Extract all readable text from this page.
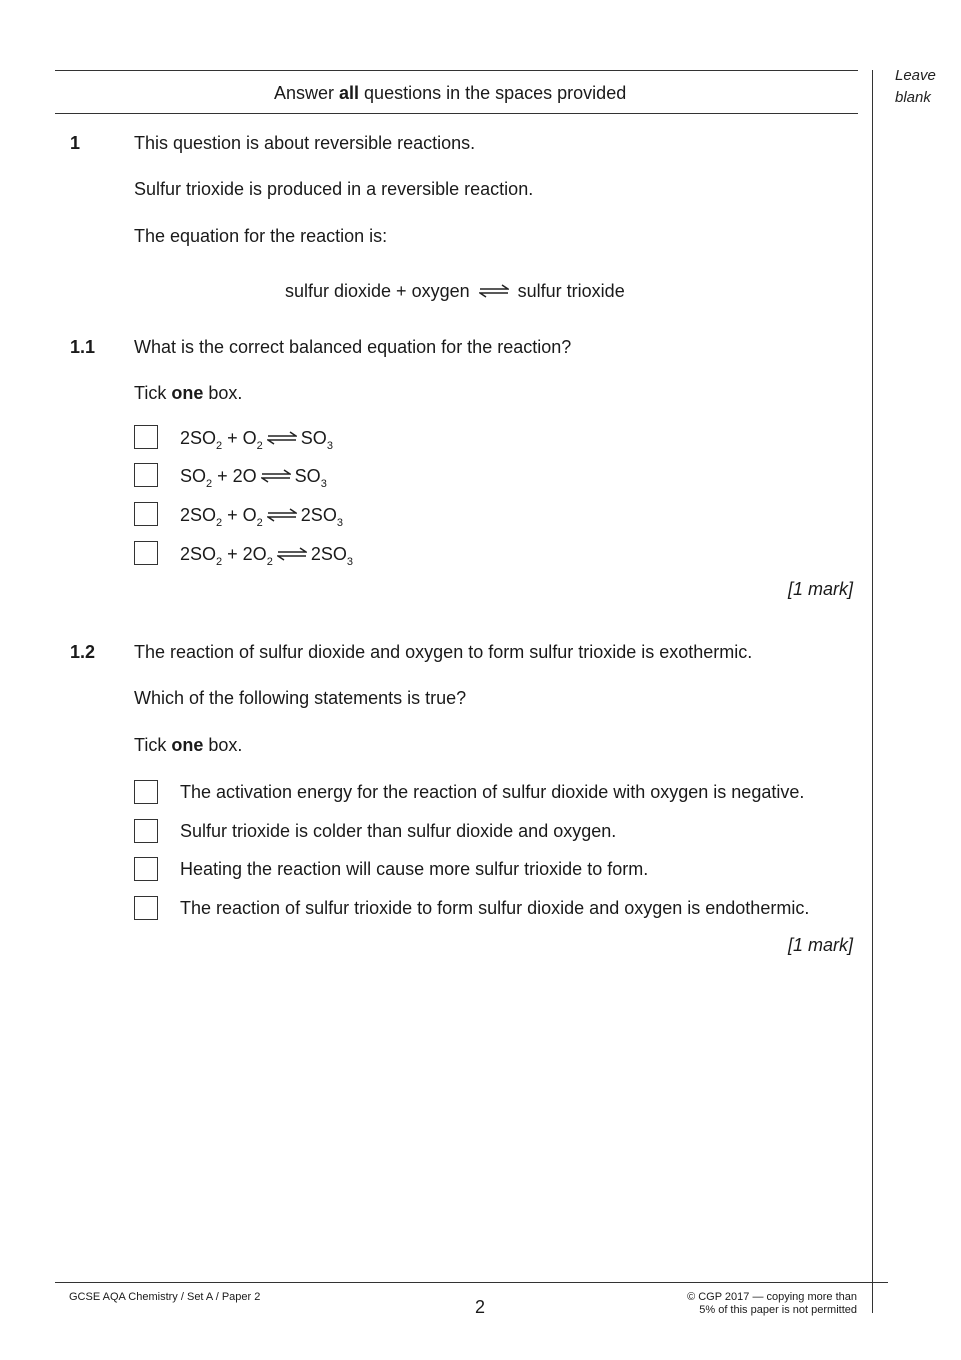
Answer all questions in the spaces provided
Leave
blank
1	This question is about reversible reactions.
Sulfur trioxide is produced in a reversible reaction.
The equation for the reaction is:
sulfur dioxide + oxygen ⇌ sulfur trioxide
1.1 What is the correct balanced equation for the reaction?
Tick one box.
$2SO_2 + O_2$ ⇌ $SO_3$
$SO_2 + 2O$ ⇌ $SO_3$
$2SO_2 + O_2$ ⇌ $2SO_3$
$2SO_2 + 2O_2$ ⇌ $2SO_3$
[1 mark]
1.2 The reaction of sulfur dioxide and oxygen to form sulfur trioxide is exothermic.
Which of the following statements is true?
Tick one box.
The activation energy for the reaction of sulfur dioxide with oxygen is negative.
Sulfur trioxide is colder than sulfur dioxide and oxygen.
Heating the reaction will cause more sulfur trioxide to form.
The reaction of sulfur trioxide to form sulfur dioxide and oxygen is endothermic.
[1 mark]
GCSE AQA Chemistry / Set A / Paper 2	2	© CGP 2017 — copying more than
5% of this paper is not permitted
